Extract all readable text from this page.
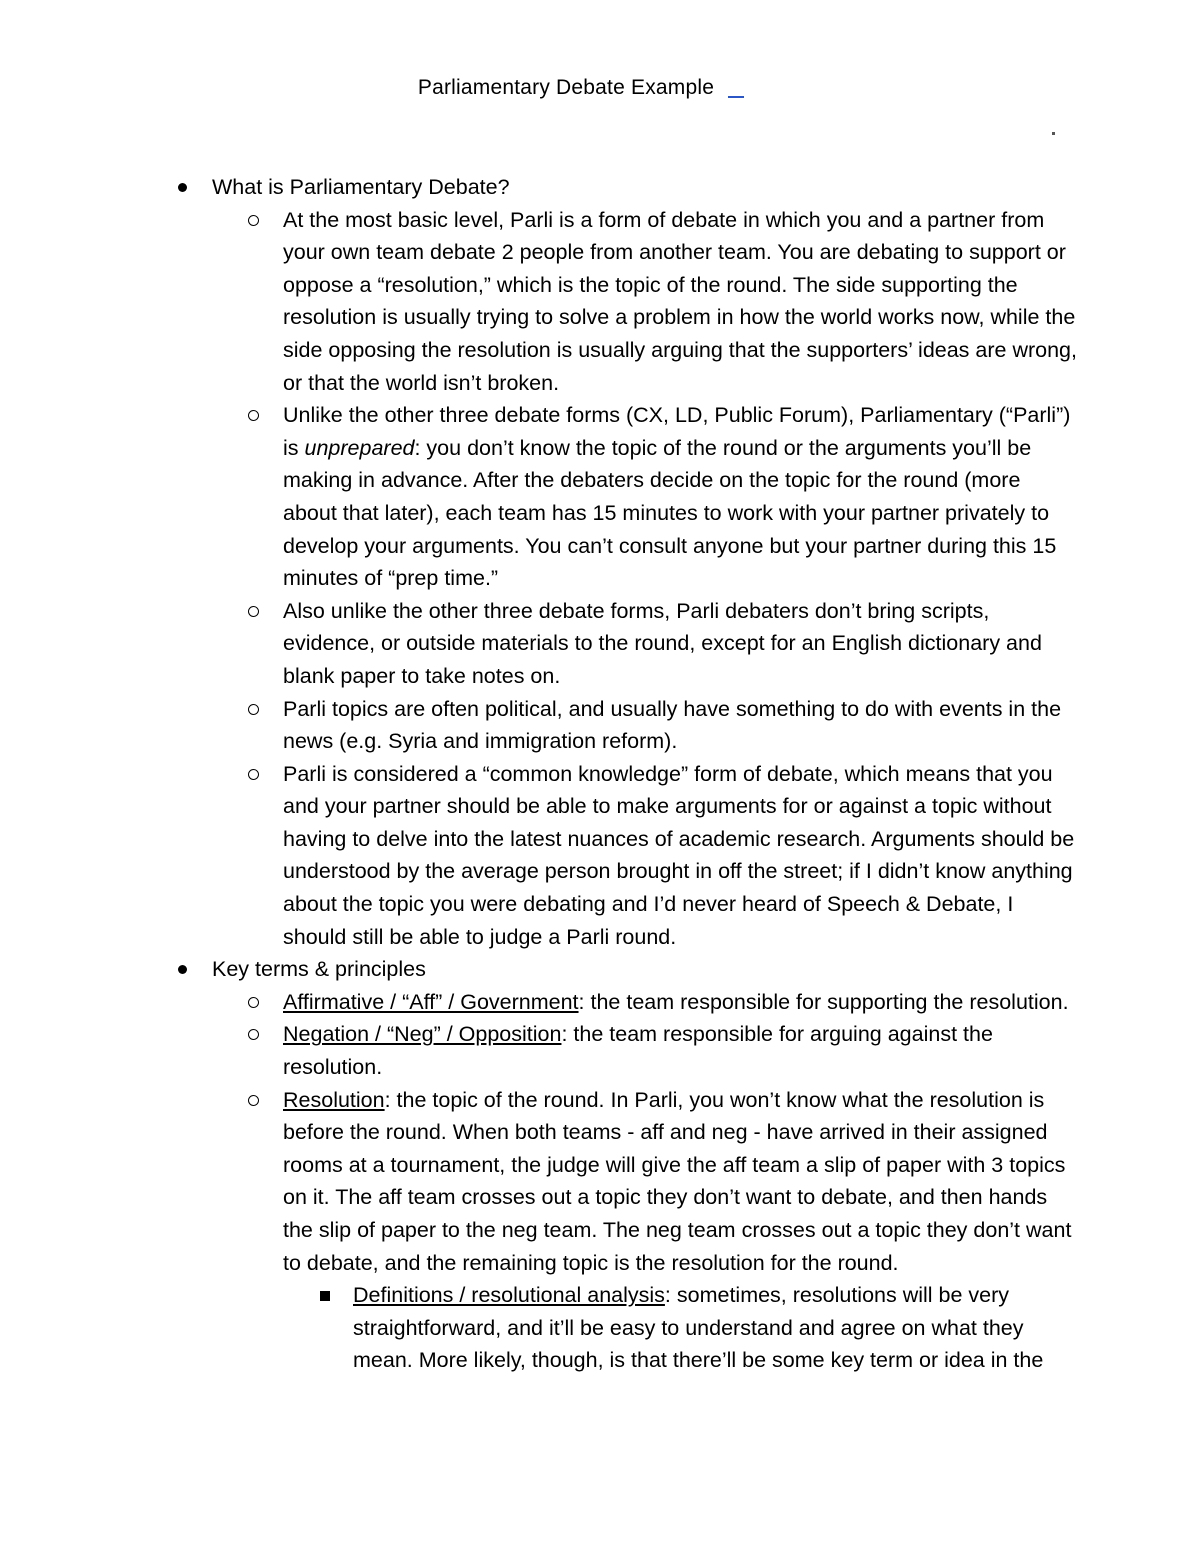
Parliamentary Debate Example
What is Parliamentary Debate?
At the most basic level, Parli is a form of debate in which you and a partner from your own team debate 2 people from another team. You are debating to support or oppose a “resolution,” which is the topic of the round. The side supporting the resolution is usually trying to solve a problem in how the world works now, while the side opposing the resolution is usually arguing that the supporters’ ideas are wrong, or that the world isn’t broken.
Unlike the other three debate forms (CX, LD, Public Forum), Parliamentary (“Parli”) is unprepared: you don’t know the topic of the round or the arguments you’ll be making in advance. After the debaters decide on the topic for the round (more about that later), each team has 15 minutes to work with your partner privately to develop your arguments. You can’t consult anyone but your partner during this 15 minutes of “prep time.”
Also unlike the other three debate forms, Parli debaters don’t bring scripts, evidence, or outside materials to the round, except for an English dictionary and blank paper to take notes on.
Parli topics are often political, and usually have something to do with events in the news (e.g. Syria and immigration reform).
Parli is considered a “common knowledge” form of debate, which means that you and your partner should be able to make arguments for or against a topic without having to delve into the latest nuances of academic research. Arguments should be understood by the average person brought in off the street; if I didn’t know anything about the topic you were debating and I’d never heard of Speech & Debate, I should still be able to judge a Parli round.
Key terms & principles
Affirmative / “Aff” / Government: the team responsible for supporting the resolution.
Negation / “Neg” / Opposition: the team responsible for arguing against the resolution.
Resolution: the topic of the round. In Parli, you won’t know what the resolution is before the round. When both teams - aff and neg - have arrived in their assigned rooms at a tournament, the judge will give the aff team a slip of paper with 3 topics on it. The aff team crosses out a topic they don’t want to debate, and then hands the slip of paper to the neg team. The neg team crosses out a topic they don’t want to debate, and the remaining topic is the resolution for the round.
Definitions / resolutional analysis: sometimes, resolutions will be very straightforward, and it’ll be easy to understand and agree on what they mean. More likely, though, is that there’ll be some key term or idea in the
